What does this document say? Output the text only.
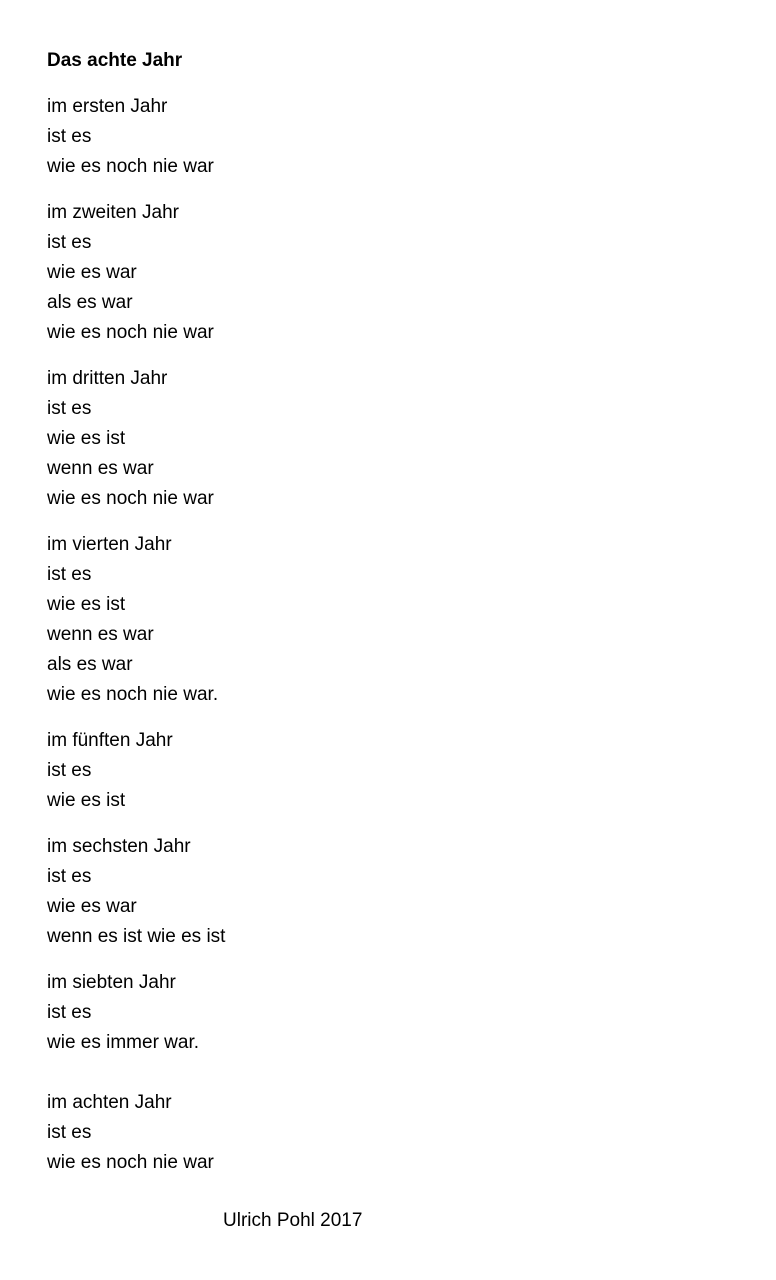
Das achte Jahr
im ersten Jahr
ist es
wie es noch nie war
im zweiten Jahr
ist es
wie es war
als es war
wie es noch nie war
im dritten Jahr
ist es
wie es ist
wenn es war
wie es noch nie war
im vierten Jahr
ist es
wie es ist
wenn es war
als es war
wie es noch nie war.
im fünften Jahr
ist es
wie es ist
im sechsten Jahr
ist es
wie es war
wenn es ist wie es ist
im siebten Jahr
ist es
wie es immer war.
im achten Jahr
ist es
wie es noch nie war
Ulrich Pohl 2017
